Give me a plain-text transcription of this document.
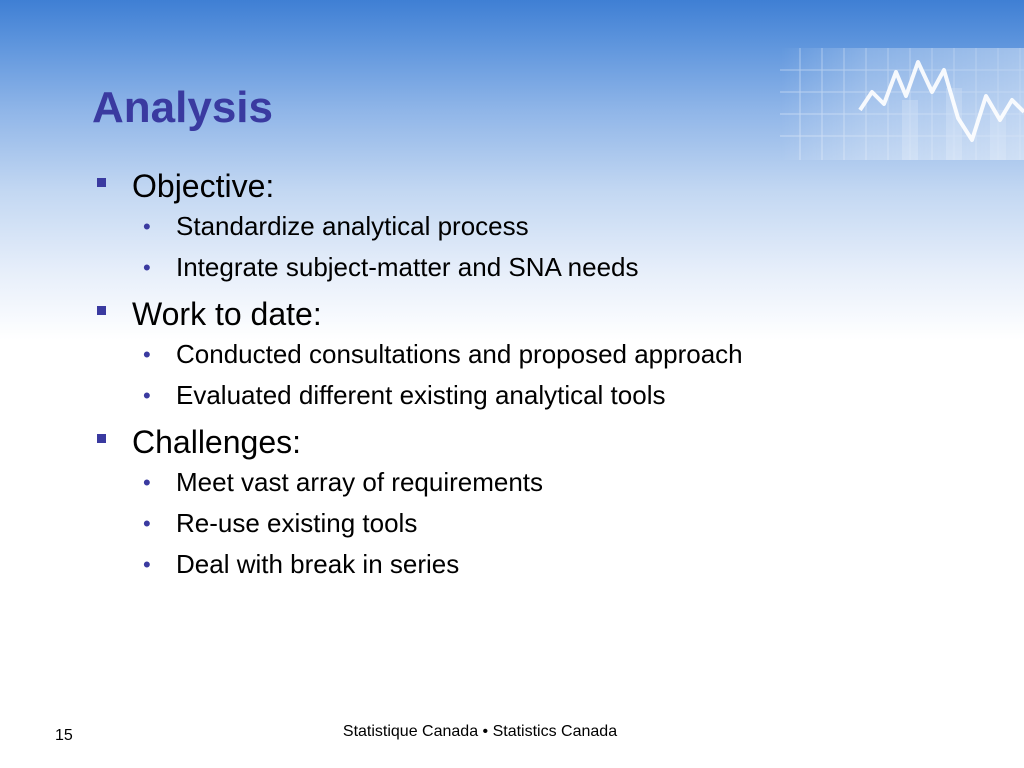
Analysis
Objective:
• Standardize analytical process
• Integrate subject-matter and SNA needs
Work to date:
• Conducted consultations and proposed approach
• Evaluated different existing analytical tools
Challenges:
• Meet vast array of requirements
• Re-use existing tools
• Deal with break in series
15	Statistique Canada • Statistics Canada
